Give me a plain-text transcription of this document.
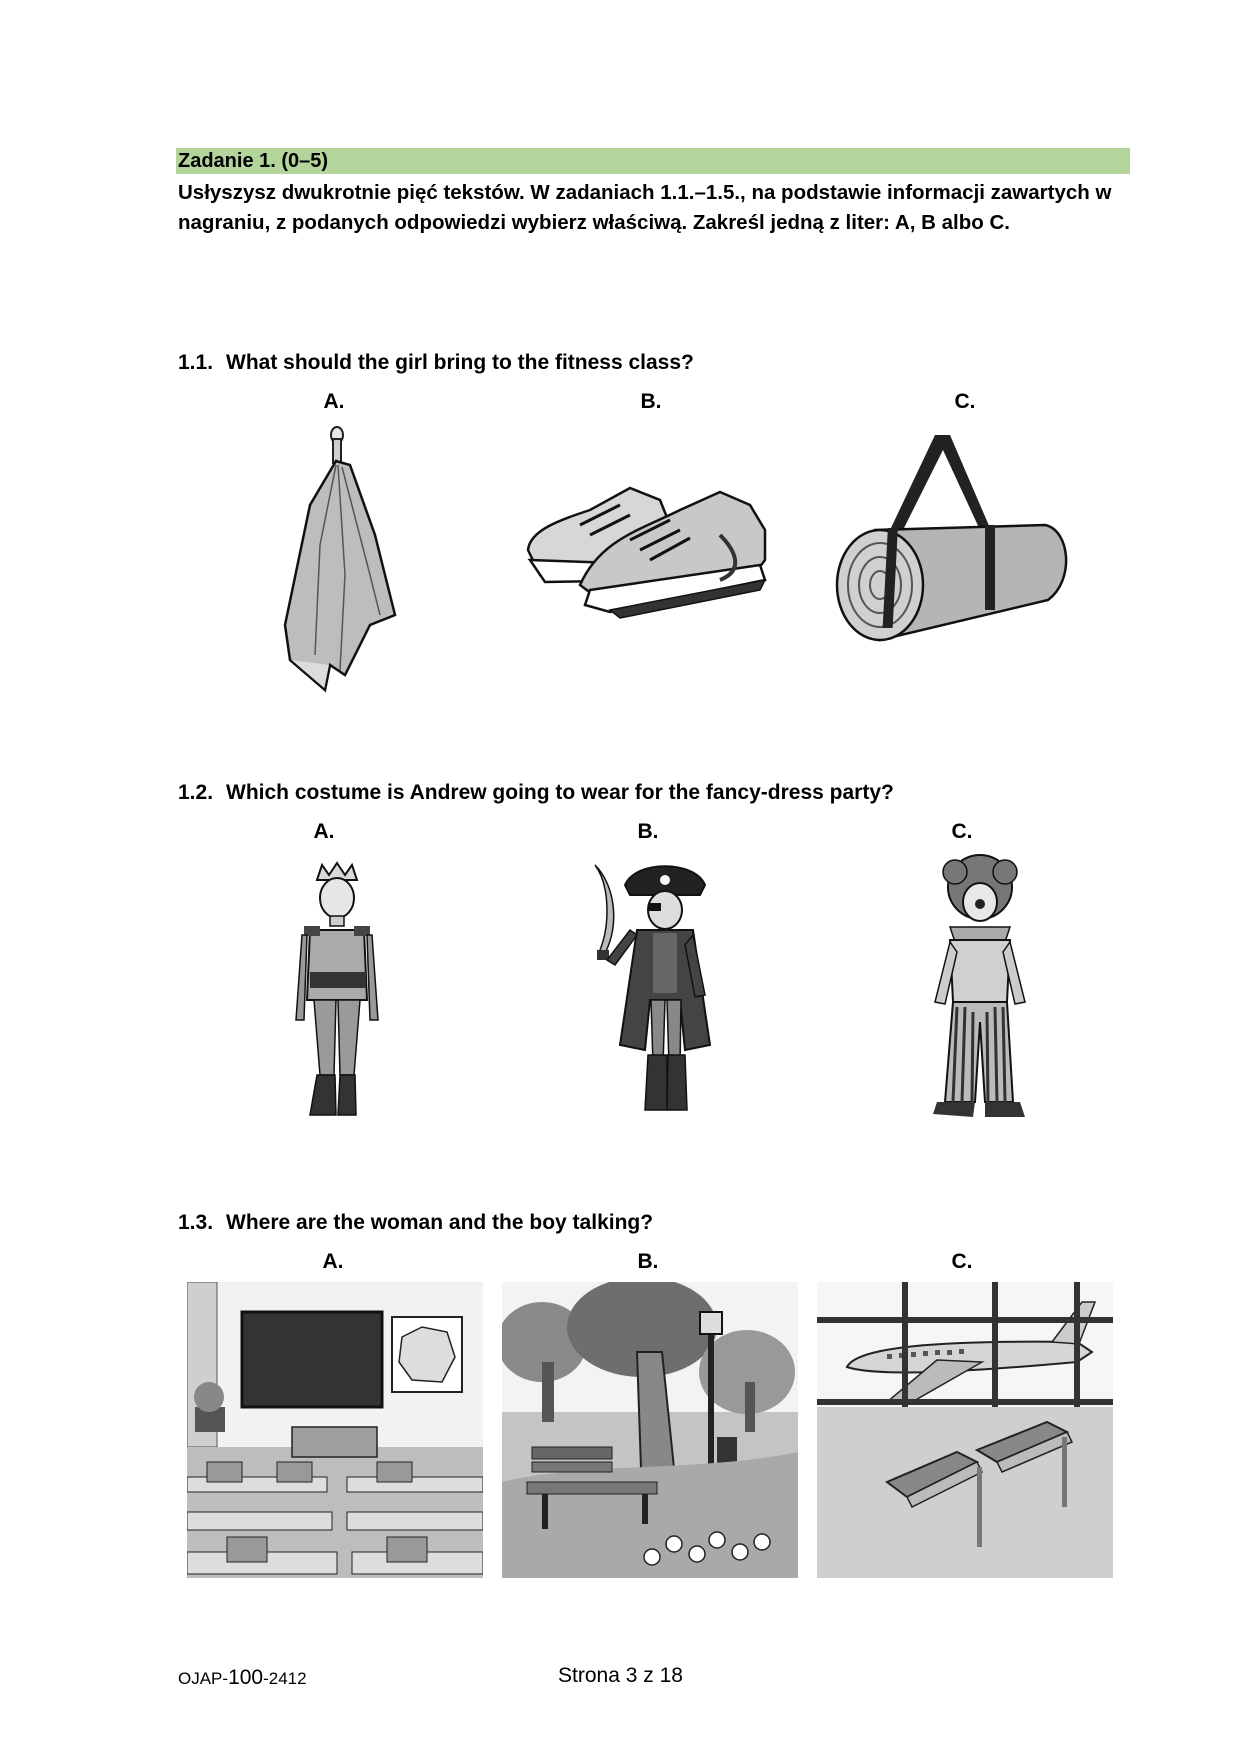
Zadanie 1. (0–5)
Usłyszysz dwukrotnie pięć tekstów. W zadaniach 1.1.–1.5., na podstawie informacji zawartych w nagraniu, z podanych odpowiedzi wybierz właściwą. Zakreśl jedną z liter: A, B albo C.
1.1. What should the girl bring to the fitness class?
A.	B.	C.
1.2. Which costume is Andrew going to wear for the fancy-dress party?
A.	B.	C.
1.3. Where are the woman and the boy talking?
A.	B.	C.
OJAP-100-2412	Strona 3 z 18
